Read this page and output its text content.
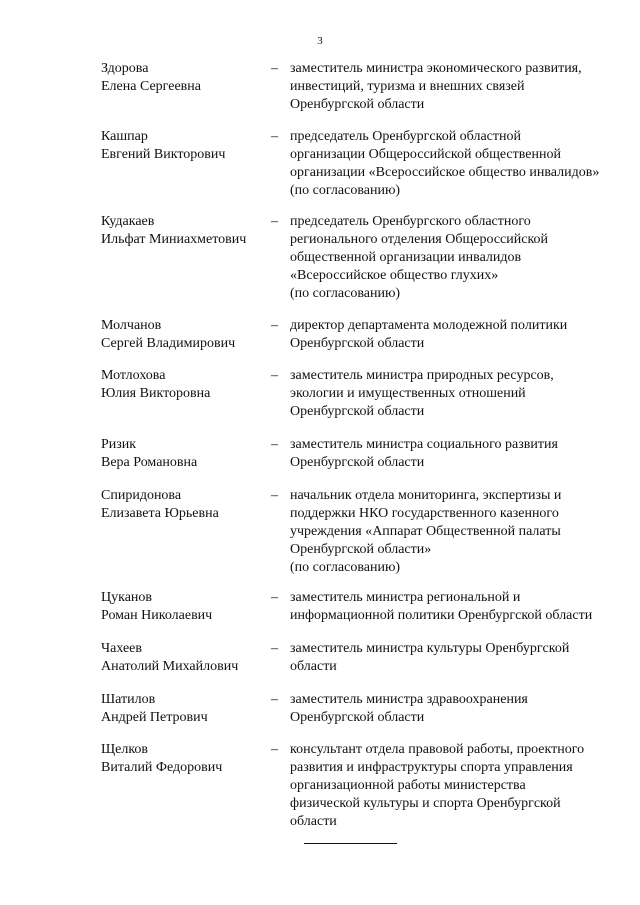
3
Здорова
Елена Сергеевна
– заместитель министра экономического развития,
инвестиций, туризма и внешних связей
Оренбургской области
Кашпар
Евгений Викторович
– председатель Оренбургской областной
организации Общероссийской общественной
организации «Всероссийское общество инвалидов»
(по согласованию)
Кудакаев
Ильфат Миниахметович
– председатель Оренбургского областного
регионального отделения Общероссийской
общественной организации инвалидов
«Всероссийское общество глухих»
(по согласованию)
Молчанов
Сергей Владимирович
– директор департамента молодежной политики
Оренбургской области
Мотлохова
Юлия Викторовна
– заместитель министра природных ресурсов,
экологии и имущественных отношений
Оренбургской области
Ризик
Вера Романовна
– заместитель министра социального развития
Оренбургской области
Спиридонова
Елизавета Юрьевна
– начальник отдела мониторинга, экспертизы и
поддержки НКО государственного казенного
учреждения «Аппарат Общественной палаты
Оренбургской области»
(по согласованию)
Цуканов
Роман Николаевич
– заместитель министра региональной и
информационной политики Оренбургской области
Чахеев
Анатолий Михайлович
– заместитель министра культуры Оренбургской
области
Шатилов
Андрей Петрович
– заместитель министра здравоохранения
Оренбургской области
Щелков
Виталий Федорович
– консультант отдела правовой работы, проектного
развития и инфраструктуры спорта управления
организационной работы министерства
физической культуры и спорта Оренбургской
области
